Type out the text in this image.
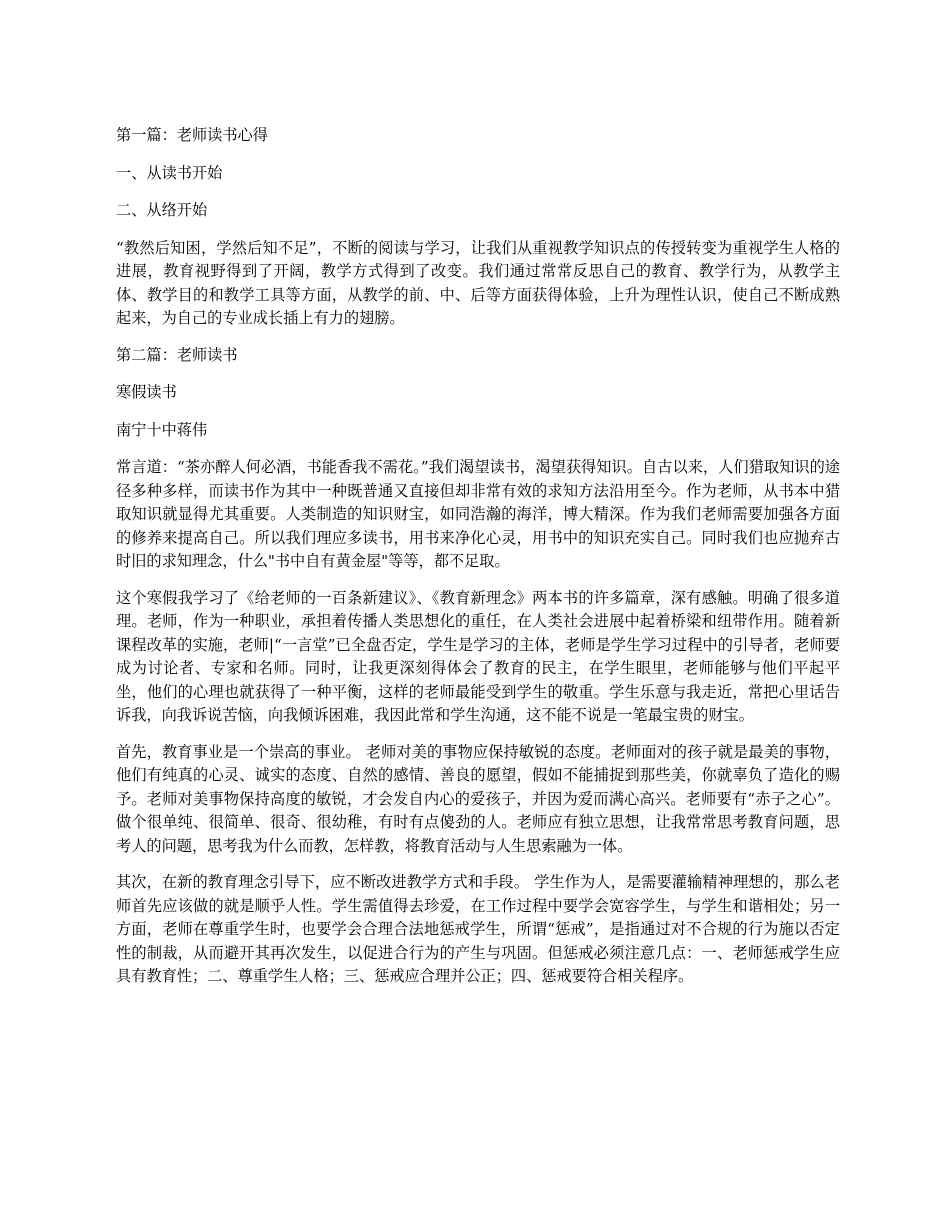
第一篇：老师读书心得

一、从读书开始

二、从络开始

“教然后知困，学然后知不足”，不断的阅读与学习，让我们从重视教学知识点的传授转变为重视学生人格的进展，教育视野得到了开阔，教学方式得到了改变。我们通过常常反思自己的教育、教学行为，从教学主体、教学目的和教学工具等方面，从教学的前、中、后等方面获得体验，上升为理性认识，使自己不断成熟起来，为自己的专业成长插上有力的翅膀。

第二篇：老师读书

寒假读书

南宁十中蒋伟

常言道：“茶亦醉人何必酒，书能香我不需花。”我们渴望读书，渴望获得知识。自古以来，人们猎取知识的途径多种多样，而读书作为其中一种既普通又直接但却非常有效的求知方法沿用至今。作为老师，从书本中猎取知识就显得尤其重要。人类制造的知识财宝，如同浩瀚的海洋，博大精深。作为我们老师需要加强各方面的修养来提高自己。所以我们理应多读书，用书来净化心灵，用书中的知识充实自己。同时我们也应抛弃古时旧的求知理念，什么"书中自有黄金屋"等等，都不足取。

这个寒假我学习了《给老师的一百条新建议》、《教育新理念》两本书的许多篇章，深有感触。明确了很多道理。老师，作为一种职业，承担着传播人类思想化的重任，在人类社会进展中起着桥梁和纽带作用。随着新课程改革的实施，老师|“一言堂”已全盘否定，学生是学习的主体，老师是学生学习过程中的引导者，老师要成为讨论者、专家和名师。同时，让我更深刻得体会了教育的民主，在学生眼里，老师能够与他们平起平坐，他们的心理也就获得了一种平衡，这样的老师最能受到学生的敬重。学生乐意与我走近，常把心里话告诉我，向我诉说苦恼，向我倾诉困难，我因此常和学生沟通，这不能不说是一笔最宝贵的财宝。

首先，教育事业是一个崇高的事业。 老师对美的事物应保持敏锐的态度。老师面对的孩子就是最美的事物，他们有纯真的心灵、诚实的态度、自然的感情、善良的愿望，假如不能捕捉到那些美，你就辜负了造化的赐予。老师对美事物保持高度的敏锐，才会发自内心的爱孩子，并因为爱而满心高兴。老师要有“赤子之心”。做个很单纯、很简单、很奇、很幼稚，有时有点傻劲的人。老师应有独立思想，让我常常思考教育问题，思考人的问题，思考我为什么而教，怎样教，将教育活动与人生思索融为一体。

其次，在新的教育理念引导下，应不断改进教学方式和手段。 学生作为人，是需要灌输精神理想的，那么老师首先应该做的就是顺乎人性。学生需值得去珍爱，在工作过程中要学会宽容学生，与学生和谐相处；另一方面，老师在尊重学生时，也要学会合理合法地惩戒学生，所谓“惩戒”，是指通过对不合规的行为施以否定性的制裁，从而避开其再次发生，以促进合行为的产生与巩固。但惩戒必须注意几点：一、老师惩戒学生应具有教育性；二、尊重学生人格；三、惩戒应合理并公正；四、惩戒要符合相关程序。
